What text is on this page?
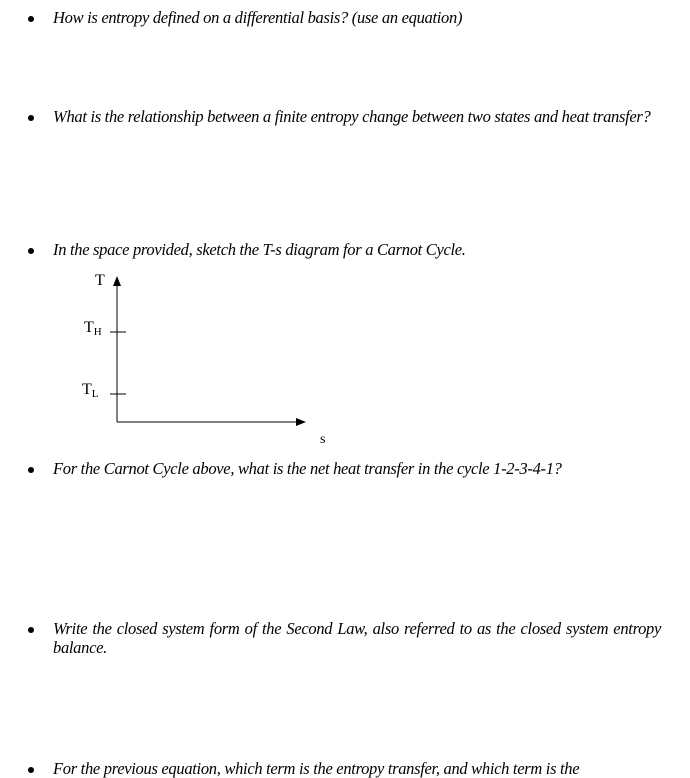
How is entropy defined on a differential basis? (use an equation)
What is the relationship between a finite entropy change between two states and heat transfer?
In the space provided, sketch the T-s diagram for a Carnot Cycle.
T
$T_H$
$T_L$
s
For the Carnot Cycle above, what is the net heat transfer in the cycle 1-2-3-4-1?
Write the closed system form of the Second Law, also referred to as the closed system entropy balance.
For the previous equation, which term is the entropy transfer, and which term is the
